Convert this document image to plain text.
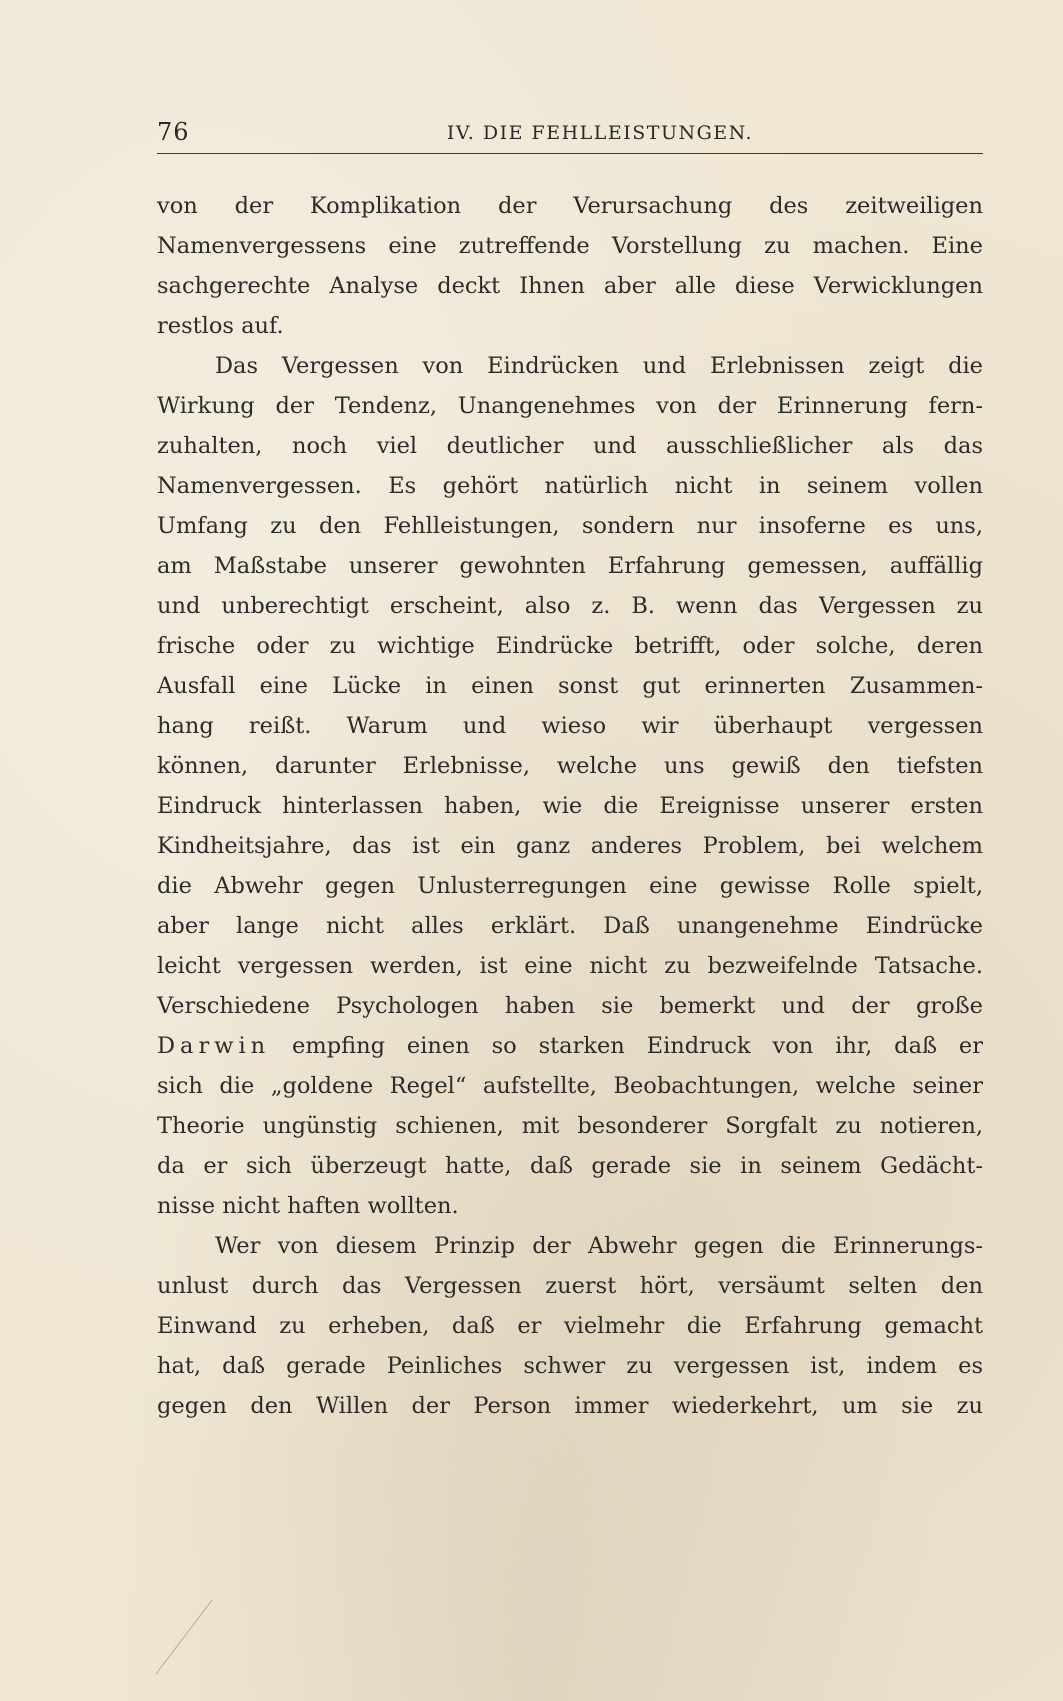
76	IV. DIE FEHLLEISTUNGEN.
von der Komplikation der Verursachung des zeitweiligen
Namenvergessens eine zutreffende Vorstellung zu machen. Eine
sachgerechte Analyse deckt Ihnen aber alle diese Verwicklungen
restlos auf.
Das Vergessen von Eindrücken und Erlebnissen zeigt die
Wirkung der Tendenz, Unangenehmes von der Erinnerung fern-
zuhalten, noch viel deutlicher und ausschließlicher als das
Namenvergessen. Es gehört natürlich nicht in seinem vollen
Umfang zu den Fehlleistungen, sondern nur insoferne es uns,
am Maßstabe unserer gewohnten Erfahrung gemessen, auffällig
und unberechtigt erscheint, also z. B. wenn das Vergessen zu
frische oder zu wichtige Eindrücke betrifft, oder solche, deren
Ausfall eine Lücke in einen sonst gut erinnerten Zusammen-
hang reißt. Warum und wieso wir überhaupt vergessen
können, darunter Erlebnisse, welche uns gewiß den tiefsten
Eindruck hinterlassen haben, wie die Ereignisse unserer ersten
Kindheitsjahre, das ist ein ganz anderes Problem, bei welchem
die Abwehr gegen Unlusterregungen eine gewisse Rolle spielt,
aber lange nicht alles erklärt. Daß unangenehme Eindrücke
leicht vergessen werden, ist eine nicht zu bezweifelnde Tatsache.
Verschiedene Psychologen haben sie bemerkt und der große
Darwin empfing einen so starken Eindruck von ihr, daß er
sich die „goldene Regel“ aufstellte, Beobachtungen, welche seiner
Theorie ungünstig schienen, mit besonderer Sorgfalt zu notieren,
da er sich überzeugt hatte, daß gerade sie in seinem Gedächt-
nisse nicht haften wollten.
Wer von diesem Prinzip der Abwehr gegen die Erinnerungs-
unlust durch das Vergessen zuerst hört, versäumt selten den
Einwand zu erheben, daß er vielmehr die Erfahrung gemacht
hat, daß gerade Peinliches schwer zu vergessen ist, indem es
gegen den Willen der Person immer wiederkehrt, um sie zu
